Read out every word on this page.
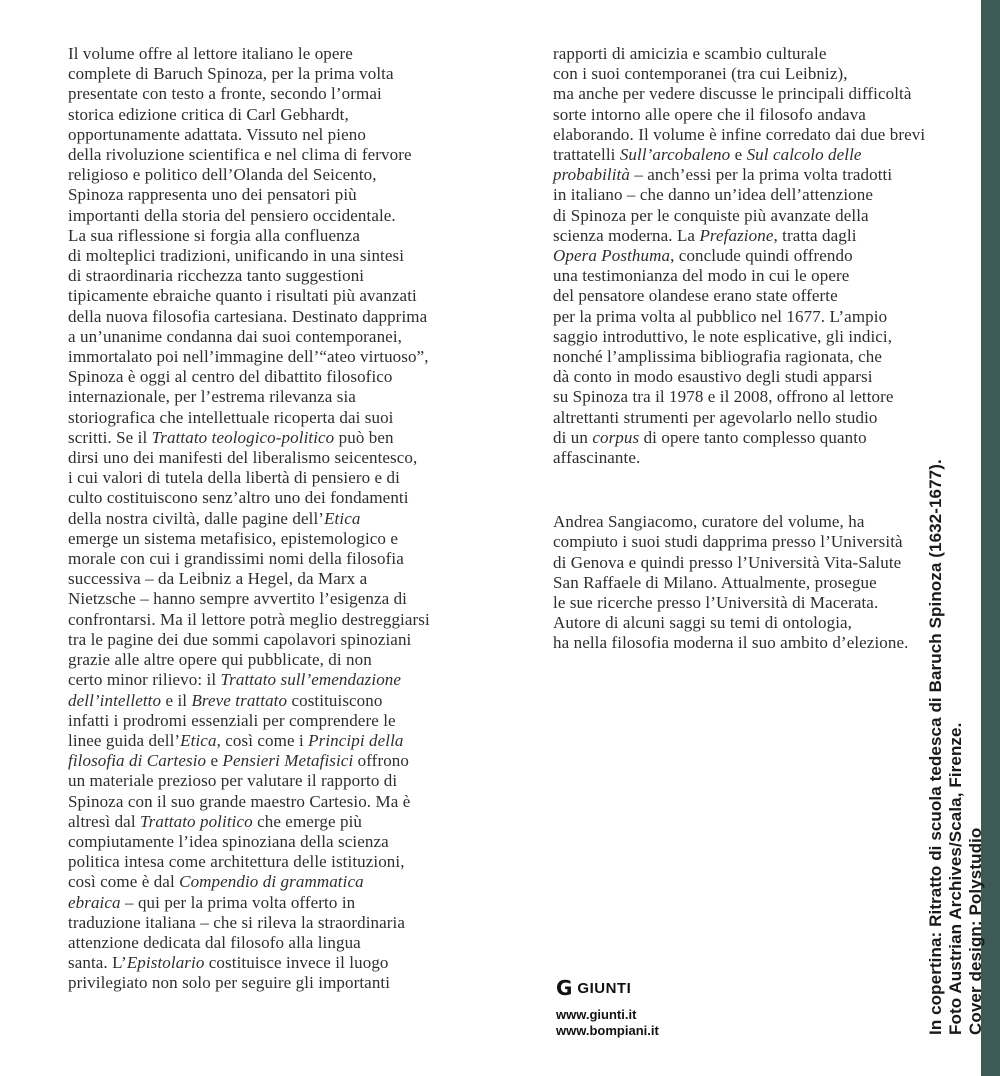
Il volume offre al lettore italiano le opere
complete di Baruch Spinoza, per la prima volta
presentate con testo a fronte, secondo l’ormai
storica edizione critica di Carl Gebhardt,
opportunamente adattata. Vissuto nel pieno
della rivoluzione scientifica e nel clima di fervore
religioso e politico dell’Olanda del Seicento,
Spinoza rappresenta uno dei pensatori più
importanti della storia del pensiero occidentale.
La sua riflessione si forgia alla confluenza
di molteplici tradizioni, unificando in una sintesi
di straordinaria ricchezza tanto suggestioni
tipicamente ebraiche quanto i risultati più avanzati
della nuova filosofia cartesiana. Destinato dapprima
a un’unanime condanna dai suoi contemporanei,
immortalato poi nell’immagine dell’“ateo virtuoso”,
Spinoza è oggi al centro del dibattito filosofico
internazionale, per l’estrema rilevanza sia
storiografica che intellettuale ricoperta dai suoi
scritti. Se il Trattato teologico-politico può ben
dirsi uno dei manifesti del liberalismo seicentesco,
i cui valori di tutela della libertà di pensiero e di
culto costituiscono senz’altro uno dei fondamenti
della nostra civiltà, dalle pagine dell’Etica
emerge un sistema metafisico, epistemologico e
morale con cui i grandissimi nomi della filosofia
successiva – da Leibniz a Hegel, da Marx a
Nietzsche – hanno sempre avvertito l’esigenza di
confrontarsi. Ma il lettore potrà meglio destreggiarsi
tra le pagine dei due sommi capolavori spinoziani
grazie alle altre opere qui pubblicate, di non
certo minor rilievo: il Trattato sull’emendazione
dell’intelletto e il Breve trattato costituiscono
infatti i prodromi essenziali per comprendere le
linee guida dell’Etica, così come i Principi della
filosofia di Cartesio e Pensieri Metafisici offrono
un materiale prezioso per valutare il rapporto di
Spinoza con il suo grande maestro Cartesio. Ma è
altresì dal Trattato politico che emerge più
compiutamente l’idea spinoziana della scienza
politica intesa come architettura delle istituzioni,
così come è dal Compendio di grammatica
ebraica – qui per la prima volta offerto in
traduzione italiana – che si rileva la straordinaria
attenzione dedicata dal filosofo alla lingua
santa. L’Epistolario costituisce invece il luogo
privilegiato non solo per seguire gli importanti
rapporti di amicizia e scambio culturale
con i suoi contemporanei (tra cui Leibniz),
ma anche per vedere discusse le principali difficoltà
sorte intorno alle opere che il filosofo andava
elaborando. Il volume è infine corredato dai due brevi
trattatelli Sull’arcobaleno e Sul calcolo delle
probabilità – anch’essi per la prima volta tradotti
in italiano – che danno un’idea dell’attenzione
di Spinoza per le conquiste più avanzate della
scienza moderna. La Prefazione, tratta dagli
Opera Posthuma, conclude quindi offrendo
una testimonianza del modo in cui le opere
del pensatore olandese erano state offerte
per la prima volta al pubblico nel 1677. L’ampio
saggio introduttivo, le note esplicative, gli indici,
nonché l’amplissima bibliografia ragionata, che
dà conto in modo esaustivo degli studi apparsi
su Spinoza tra il 1978 e il 2008, offrono al lettore
altrettanti strumenti per agevolarlo nello studio
di un corpus di opere tanto complesso quanto
affascinante.
Andrea Sangiacomo, curatore del volume, ha
compiuto i suoi studi dapprima presso l’Università
di Genova e quindi presso l’Università Vita-Salute
San Raffaele di Milano. Attualmente, prosegue
le sue ricerche presso l’Università di Macerata.
Autore di alcuni saggi su temi di ontologia,
ha nella filosofia moderna il suo ambito d’elezione.
G GIUNTI
www.giunti.it
www.bompiani.it	In copertina: Ritratto di scuola tedesca di Baruch Spinoza (1632-1677). Foto Austrian Archives/Scala, Firenze. Cover design: Polystudio
